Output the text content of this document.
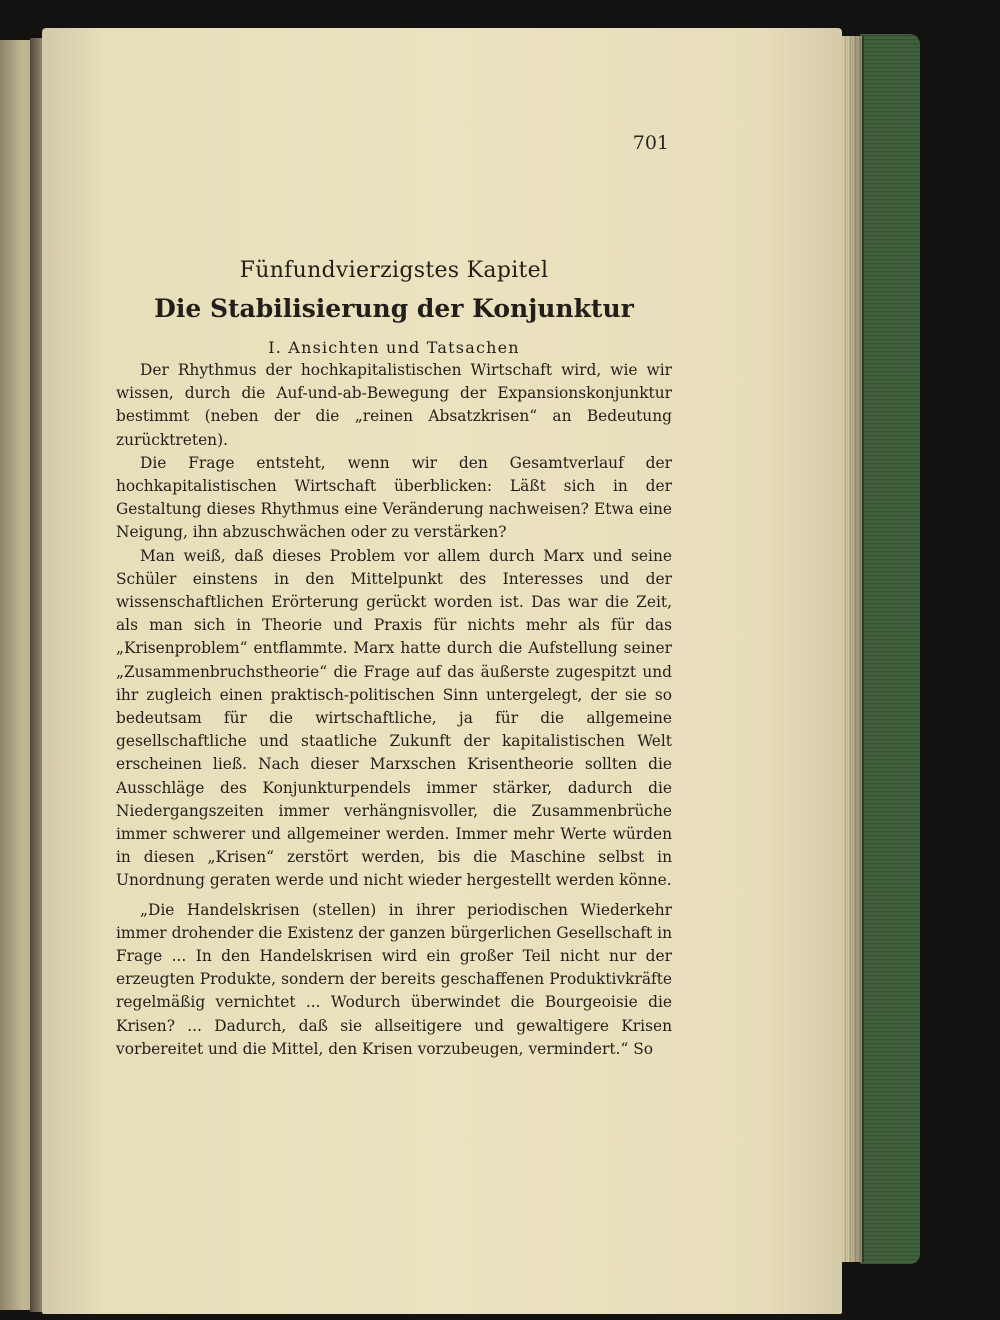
701
Fünfundvierzigstes Kapitel
Die Stabilisierung der Konjunktur
I. Ansichten und Tatsachen

Der Rhythmus der hochkapitalistischen Wirtschaft wird, wie wir wissen, durch die Auf-und-ab-Bewegung der Expansionskonjunktur bestimmt (neben der die „reinen Absatzkrisen“ an Bedeutung zurücktreten).

Die Frage entsteht, wenn wir den Gesamtverlauf der hochkapitalistischen Wirtschaft überblicken: Läßt sich in der Gestaltung dieses Rhythmus eine Veränderung nachweisen? Etwa eine Neigung, ihn abzuschwächen oder zu verstärken?

Man weiß, daß dieses Problem vor allem durch Marx und seine Schüler einstens in den Mittelpunkt des Interesses und der wissenschaftlichen Erörterung gerückt worden ist. Das war die Zeit, als man sich in Theorie und Praxis für nichts mehr als für das „Krisenproblem“ entflammte. Marx hatte durch die Aufstellung seiner „Zusammenbruchstheorie“ die Frage auf das äußerste zugespitzt und ihr zugleich einen praktisch-politischen Sinn untergelegt, der sie so bedeutsam für die wirtschaftliche, ja für die allgemeine gesellschaftliche und staatliche Zukunft der kapitalistischen Welt erscheinen ließ. Nach dieser Marxschen Krisentheorie sollten die Ausschläge des Konjunkturpendels immer stärker, dadurch die Niedergangszeiten immer verhängnisvoller, die Zusammenbrüche immer schwerer und allgemeiner werden. Immer mehr Werte würden in diesen „Krisen“ zerstört werden, bis die Maschine selbst in Unordnung geraten werde und nicht wieder hergestellt werden könne.

„Die Handelskrisen (stellen) in ihrer periodischen Wiederkehr immer drohender die Existenz der ganzen bürgerlichen Gesellschaft in Frage ... In den Handelskrisen wird ein großer Teil nicht nur der erzeugten Produkte, sondern der bereits geschaffenen Produktivkräfte regelmäßig vernichtet ... Wodurch überwindet die Bourgeoisie die Krisen? ... Dadurch, daß sie allseitigere und gewaltigere Krisen vorbereitet und die Mittel, den Krisen vorzubeugen, vermindert.“ So
